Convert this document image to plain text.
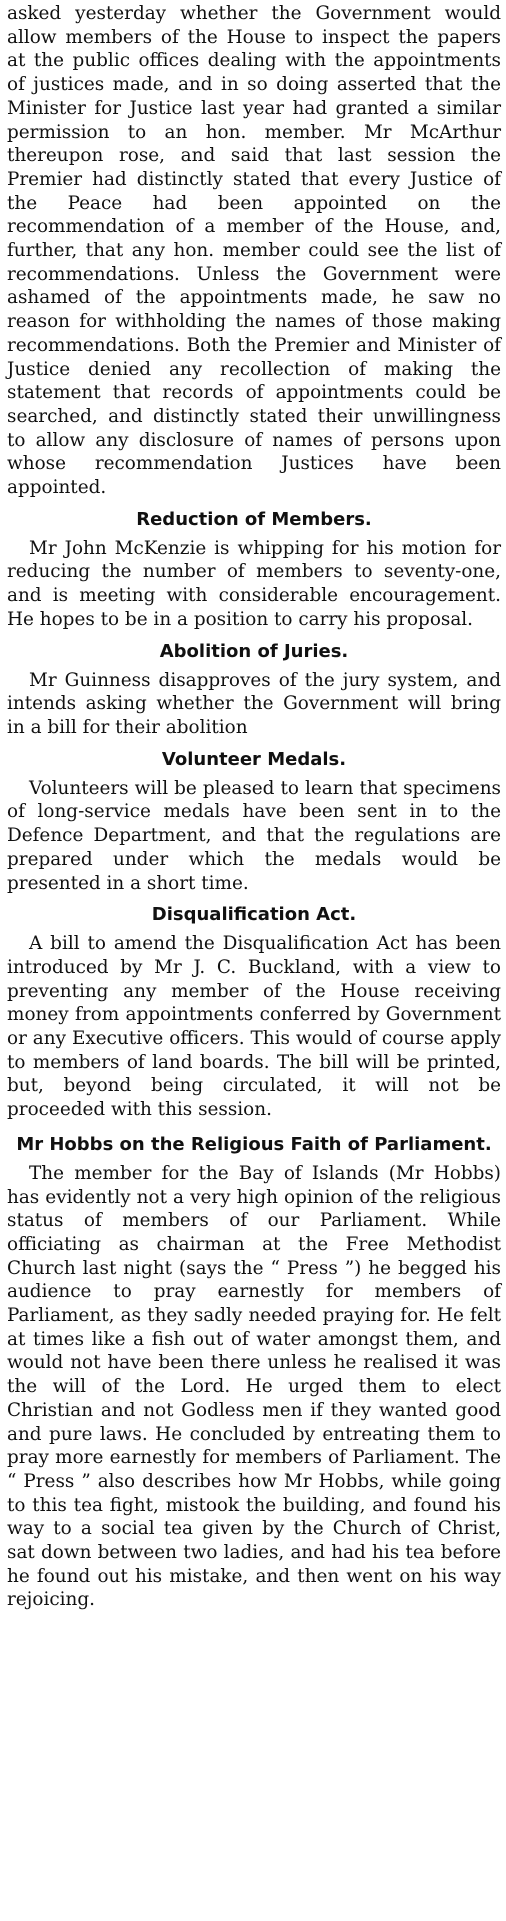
asked yesterday whether the Government would allow members of the House to inspect the papers at the public offices dealing with the appointments of justices made, and in so doing asserted that the Minister for Justice last year had granted a similar permission to an hon. member. Mr McArthur thereupon rose, and said that last session the Premier had distinctly stated that every Justice of the Peace had been appointed on the recommendation of a member of the House, and, further, that any hon. member could see the list of recommendations. Unless the Government were ashamed of the appointments made, he saw no reason for withholding the names of those making recommendations. Both the Premier and Minister of Justice denied any recollection of making the statement that records of appointments could be searched, and distinctly stated their unwillingness to allow any disclosure of names of persons upon whose recommendation Justices have been appointed.

Reduction of Members.

Mr John McKenzie is whipping for his motion for reducing the number of members to seventy-one, and is meeting with considerable encouragement. He hopes to be in a position to carry his proposal.

Abolition of Juries.

Mr Guinness disapproves of the jury system, and intends asking whether the Government will bring in a bill for their abolition

Volunteer Medals.

Volunteers will be pleased to learn that specimens of long-service medals have been sent in to the Defence Department, and that the regulations are prepared under which the medals would be presented in a short time.

Disqualification Act.

A bill to amend the Disqualification Act has been introduced by Mr J. C. Buckland, with a view to preventing any member of the House receiving money from appointments conferred by Government or any Executive officers. This would of course apply to members of land boards. The bill will be printed, but, beyond being circulated, it will not be proceeded with this session.

Mr Hobbs on the Religious Faith of Parliament.

The member for the Bay of Islands (Mr Hobbs) has evidently not a very high opinion of the religious status of members of our Parliament. While officiating as chairman at the Free Methodist Church last night (says the “ Press ”) he begged his audience to pray earnestly for members of Parliament, as they sadly needed praying for. He felt at times like a fish out of water amongst them, and would not have been there unless he realised it was the will of the Lord. He urged them to elect Christian and not Godless men if they wanted good and pure laws. He concluded by entreating them to pray more earnestly for members of Parliament. The “ Press ” also describes how Mr Hobbs, while going to this tea fight, mistook the building, and found his way to a social tea given by the Church of Christ, sat down between two ladies, and had his tea before he found out his mistake, and then went on his way rejoicing.
